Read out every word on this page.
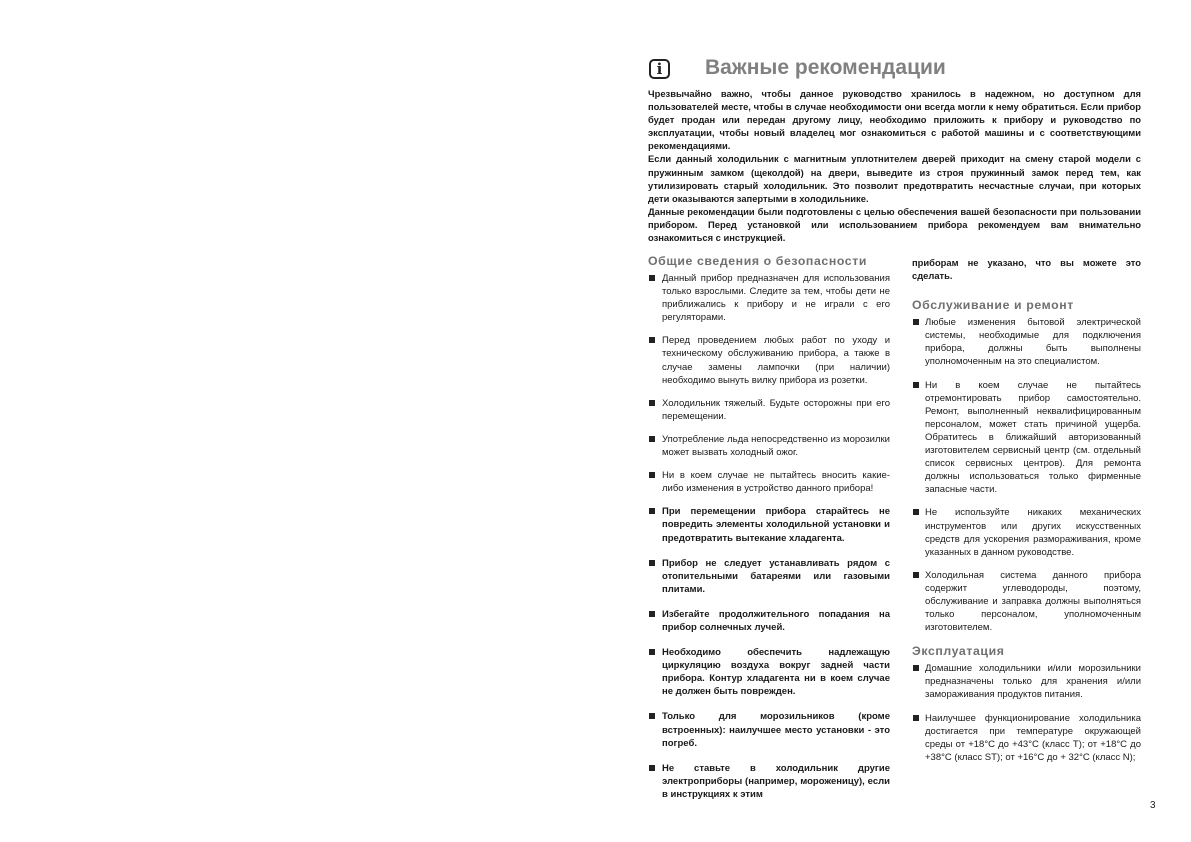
i	Важные рекомендации

Чрезвычайно важно, чтобы данное руководство хранилось в надежном, но доступном для пользователей месте, чтобы в случае необходимости они всегда могли к нему обратиться. Если прибор будет продан или передан другому лицу, необходимо приложить к прибору и руководство по эксплуатации, чтобы новый владелец мог ознакомиться с работой машины и с соответствующими рекомендациями.

Если данный холодильник с магнитным уплотнителем дверей приходит на смену старой модели с пружинным замком (щеколдой) на двери, выведите из строя пружинный замок перед тем, как утилизировать старый холодильник. Это позволит предотвратить несчастные случаи, при которых дети оказываются запертыми в холодильнике.

Данные рекомендации были подготовлены с целью обеспечения вашей безопасности при пользовании прибором. Перед установкой или использованием прибора рекомендуем вам внимательно ознакомиться с инструкцией.

Общие сведения о безопасности
Данный прибор предназначен для использования только взрослыми. Следите за тем, чтобы дети не приближались к прибору и не играли с его регуляторами.
Перед проведением любых работ по уходу и техническому обслуживанию прибора, а также в случае замены лампочки (при наличии) необходимо вынуть вилку прибора из розетки.
Холодильник тяжелый. Будьте осторожны при его перемещении.
Употребление льда непосредственно из морозилки может вызвать холодный ожог.
Ни в коем случае не пытайтесь вносить какие-либо изменения в устройство данного прибора!
При перемещении прибора старайтесь не повредить элементы холодильной установки и предотвратить вытекание хладагента.
Прибор не следует устанавливать рядом с отопительными батареями или газовыми плитами.
Избегайте продолжительного попадания на прибор солнечных лучей.
Необходимо обеспечить надлежащую циркуляцию воздуха вокруг задней части прибора. Контур хладагента ни в коем случае не должен быть поврежден.
Только для морозильников (кроме встроенных): наилучшее место установки - это погреб.
Не ставьте в холодильник другие электроприборы (например, мороженицу), если в инструкциях к этим

приборам не указано, что вы можете это сделать.

Обслуживание и ремонт
Любые изменения бытовой электрической системы, необходимые для подключения прибора, должны быть выполнены уполномоченным на это специалистом.
Ни в коем случае не пытайтесь отремонтировать прибор самостоятельно. Ремонт, выполненный неквалифицированным персоналом, может стать причиной ущерба. Обратитесь в ближайший авторизованный изготовителем сервисный центр (см. отдельный список сервисных центров). Для ремонта должны использоваться только фирменные запасные части.
Не используйте никаких механических инструментов или других искусственных средств для ускорения размораживания, кроме указанных в данном руководстве.
Холодильная система данного прибора содержит углеводороды, поэтому, обслуживание и заправка должны выполняться только персоналом, уполномоченным изготовителем.
Эксплуатация
Домашние холодильники и/или морозильники предназначены только для хранения и/или замораживания продуктов питания.
Наилучшее функционирование холодильника достигается при температуре окружающей среды от +18°C до +43°C (класс T); от +18°C до +38°C (класс ST); от +16°C до + 32°C (класс N);
3
